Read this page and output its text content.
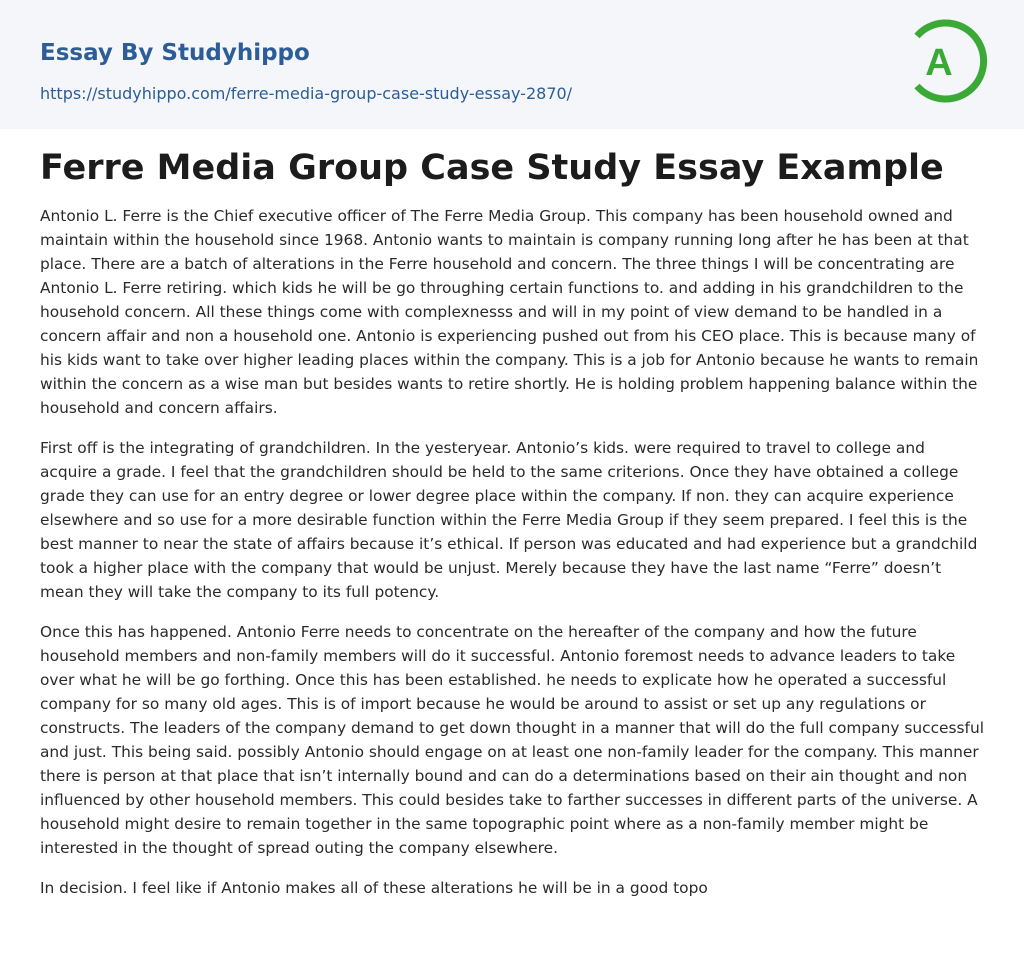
Essay By Studyhippo
https://studyhippo.com/ferre-media-group-case-study-essay-2870/
A
Ferre Media Group Case Study Essay Example

Antonio L. Ferre is the Chief executive officer of The Ferre Media Group. This company has been household owned and maintain within the household since 1968. Antonio wants to maintain is company running long after he has been at that place. There are a batch of alterations in the Ferre household and concern. The three things I will be concentrating are Antonio L. Ferre retiring. which kids he will be go throughing certain functions to. and adding in his grandchildren to the household concern. All these things come with complexnesss and will in my point of view demand to be handled in a concern affair and non a household one. Antonio is experiencing pushed out from his CEO place. This is because many of his kids want to take over higher leading places within the company. This is a job for Antonio because he wants to remain within the concern as a wise man but besides wants to retire shortly. He is holding problem happening balance within the household and concern affairs.

First off is the integrating of grandchildren. In the yesteryear. Antonio’s kids. were required to travel to college and acquire a grade. I feel that the grandchildren should be held to the same criterions. Once they have obtained a college grade they can use for an entry degree or lower degree place within the company. If non. they can acquire experience elsewhere and so use for a more desirable function within the Ferre Media Group if they seem prepared. I feel this is the best manner to near the state of affairs because it’s ethical. If person was educated and had experience but a grandchild took a higher place with the company that would be unjust. Merely because they have the last name “Ferre” doesn’t mean they will take the company to its full potency.

Once this has happened. Antonio Ferre needs to concentrate on the hereafter of the company and how the future household members and non-family members will do it successful. Antonio foremost needs to advance leaders to take over what he will be go forthing. Once this has been established. he needs to explicate how he operated a successful company for so many old ages. This is of import because he would be around to assist or set up any regulations or constructs. The leaders of the company demand to get down thought in a manner that will do the full company successful and just. This being said. possibly Antonio should engage on at least one non-family leader for the company. This manner there is person at that place that isn’t internally bound and can do a determinations based on their ain thought and non influenced by other household members. This could besides take to farther successes in different parts of the universe. A household might desire to remain together in the same topographic point where as a non-family member might be interested in the thought of spread outing the company elsewhere.

In decision. I feel like if Antonio makes all of these alterations he will be in a good topo
